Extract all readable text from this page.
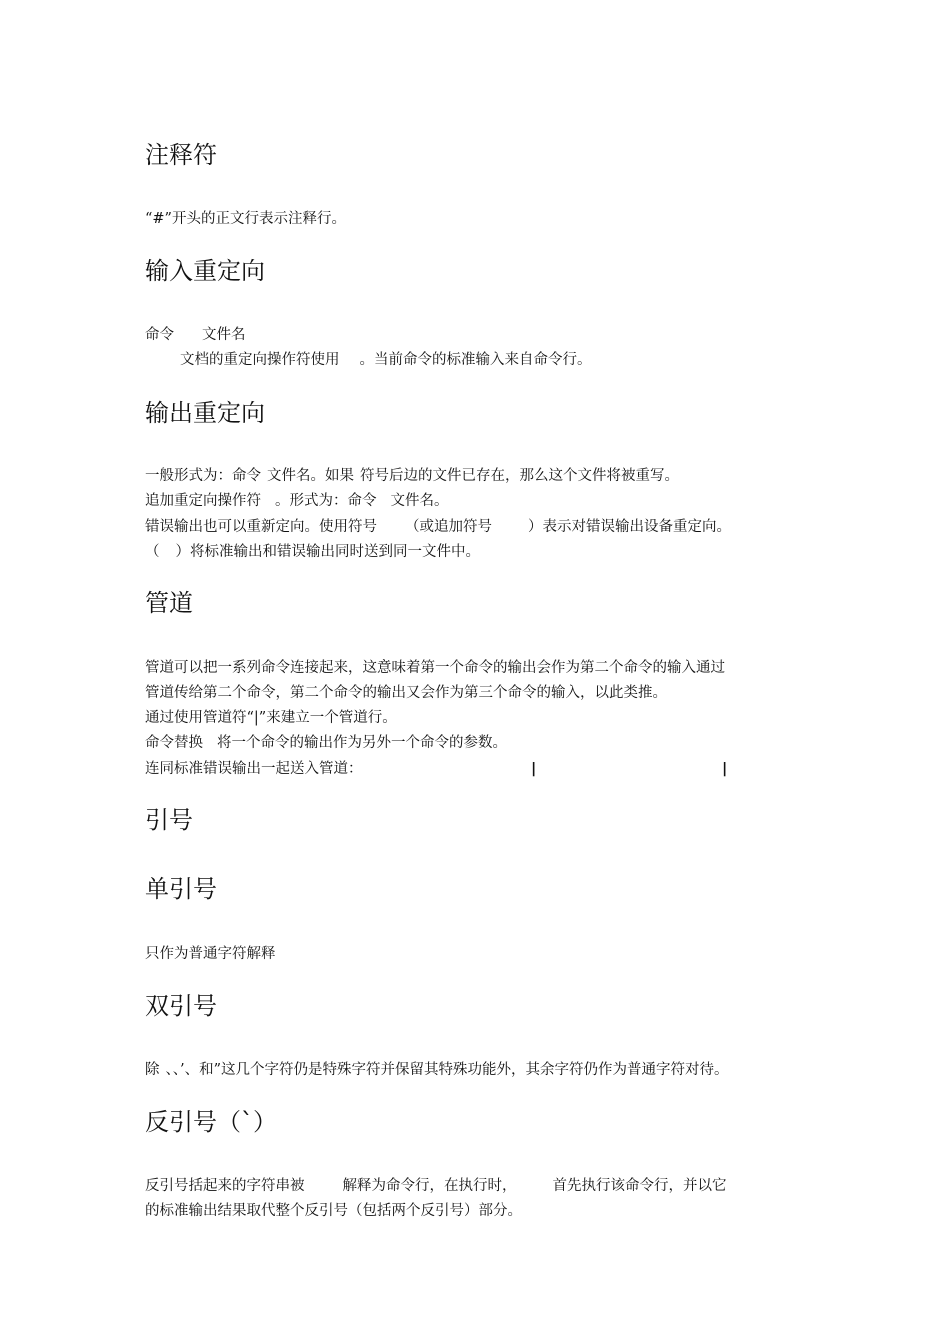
注释符
“#”开头的正文行表示注释行。
输入重定向
命令 文件名
文档的重定向操作符使用 。当前命令的标准输入来自命令行。
输出重定向
一般形式为：命令 文件名。如果 符号后边的文件已存在，那么这个文件将被重写。
追加重定向操作符 。形式为：命令 文件名。
错误输出也可以重新定向。使用符号 （或追加符号 ）表示对错误输出设备重定向。
（ ）将标准输出和错误输出同时送到同一文件中。
管道
管道可以把一系列命令连接起来，这意味着第一个命令的输出会作为第二个命令的输入通过
管道传给第二个命令，第二个命令的输出又会作为第三个命令的输入，以此类推。
通过使用管道符“|”来建立一个管道行。
命令替换 将一个命令的输出作为另外一个命令的参数。
连同标准错误输出一起送入管道：	|	|
引号
单引号
只作为普通字符解释
双引号
除 、、’、和”这几个字符仍是特殊字符并保留其特殊功能外，其余字符仍作为普通字符对待。
反引号（`）
反引号括起来的字符串被	解释为命令行，在执行时， 首先执行该命令行，并以它
的标准输出结果取代整个反引号（包括两个反引号）部分。
